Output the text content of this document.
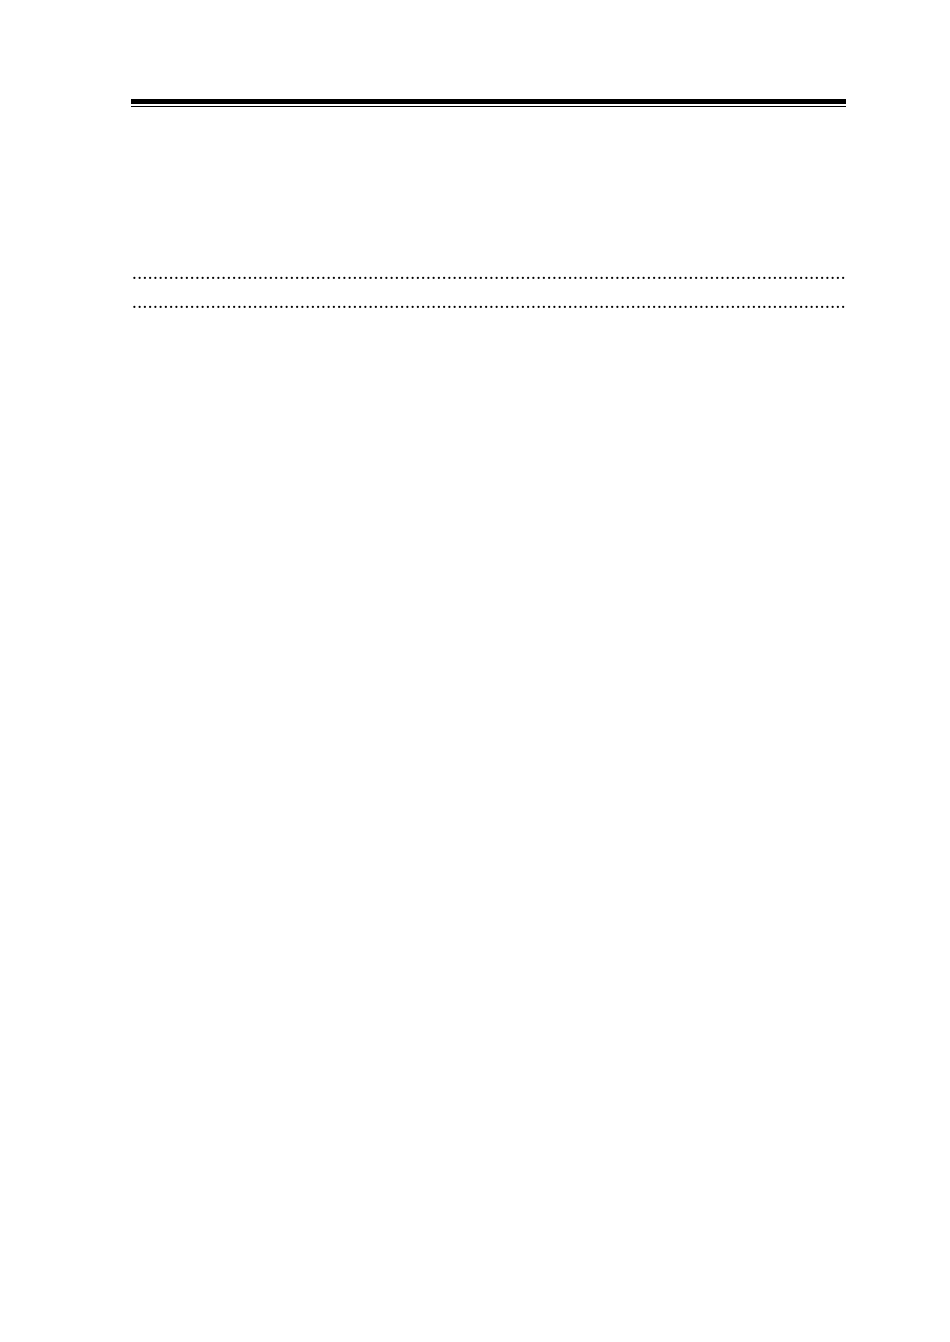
.....
.....
